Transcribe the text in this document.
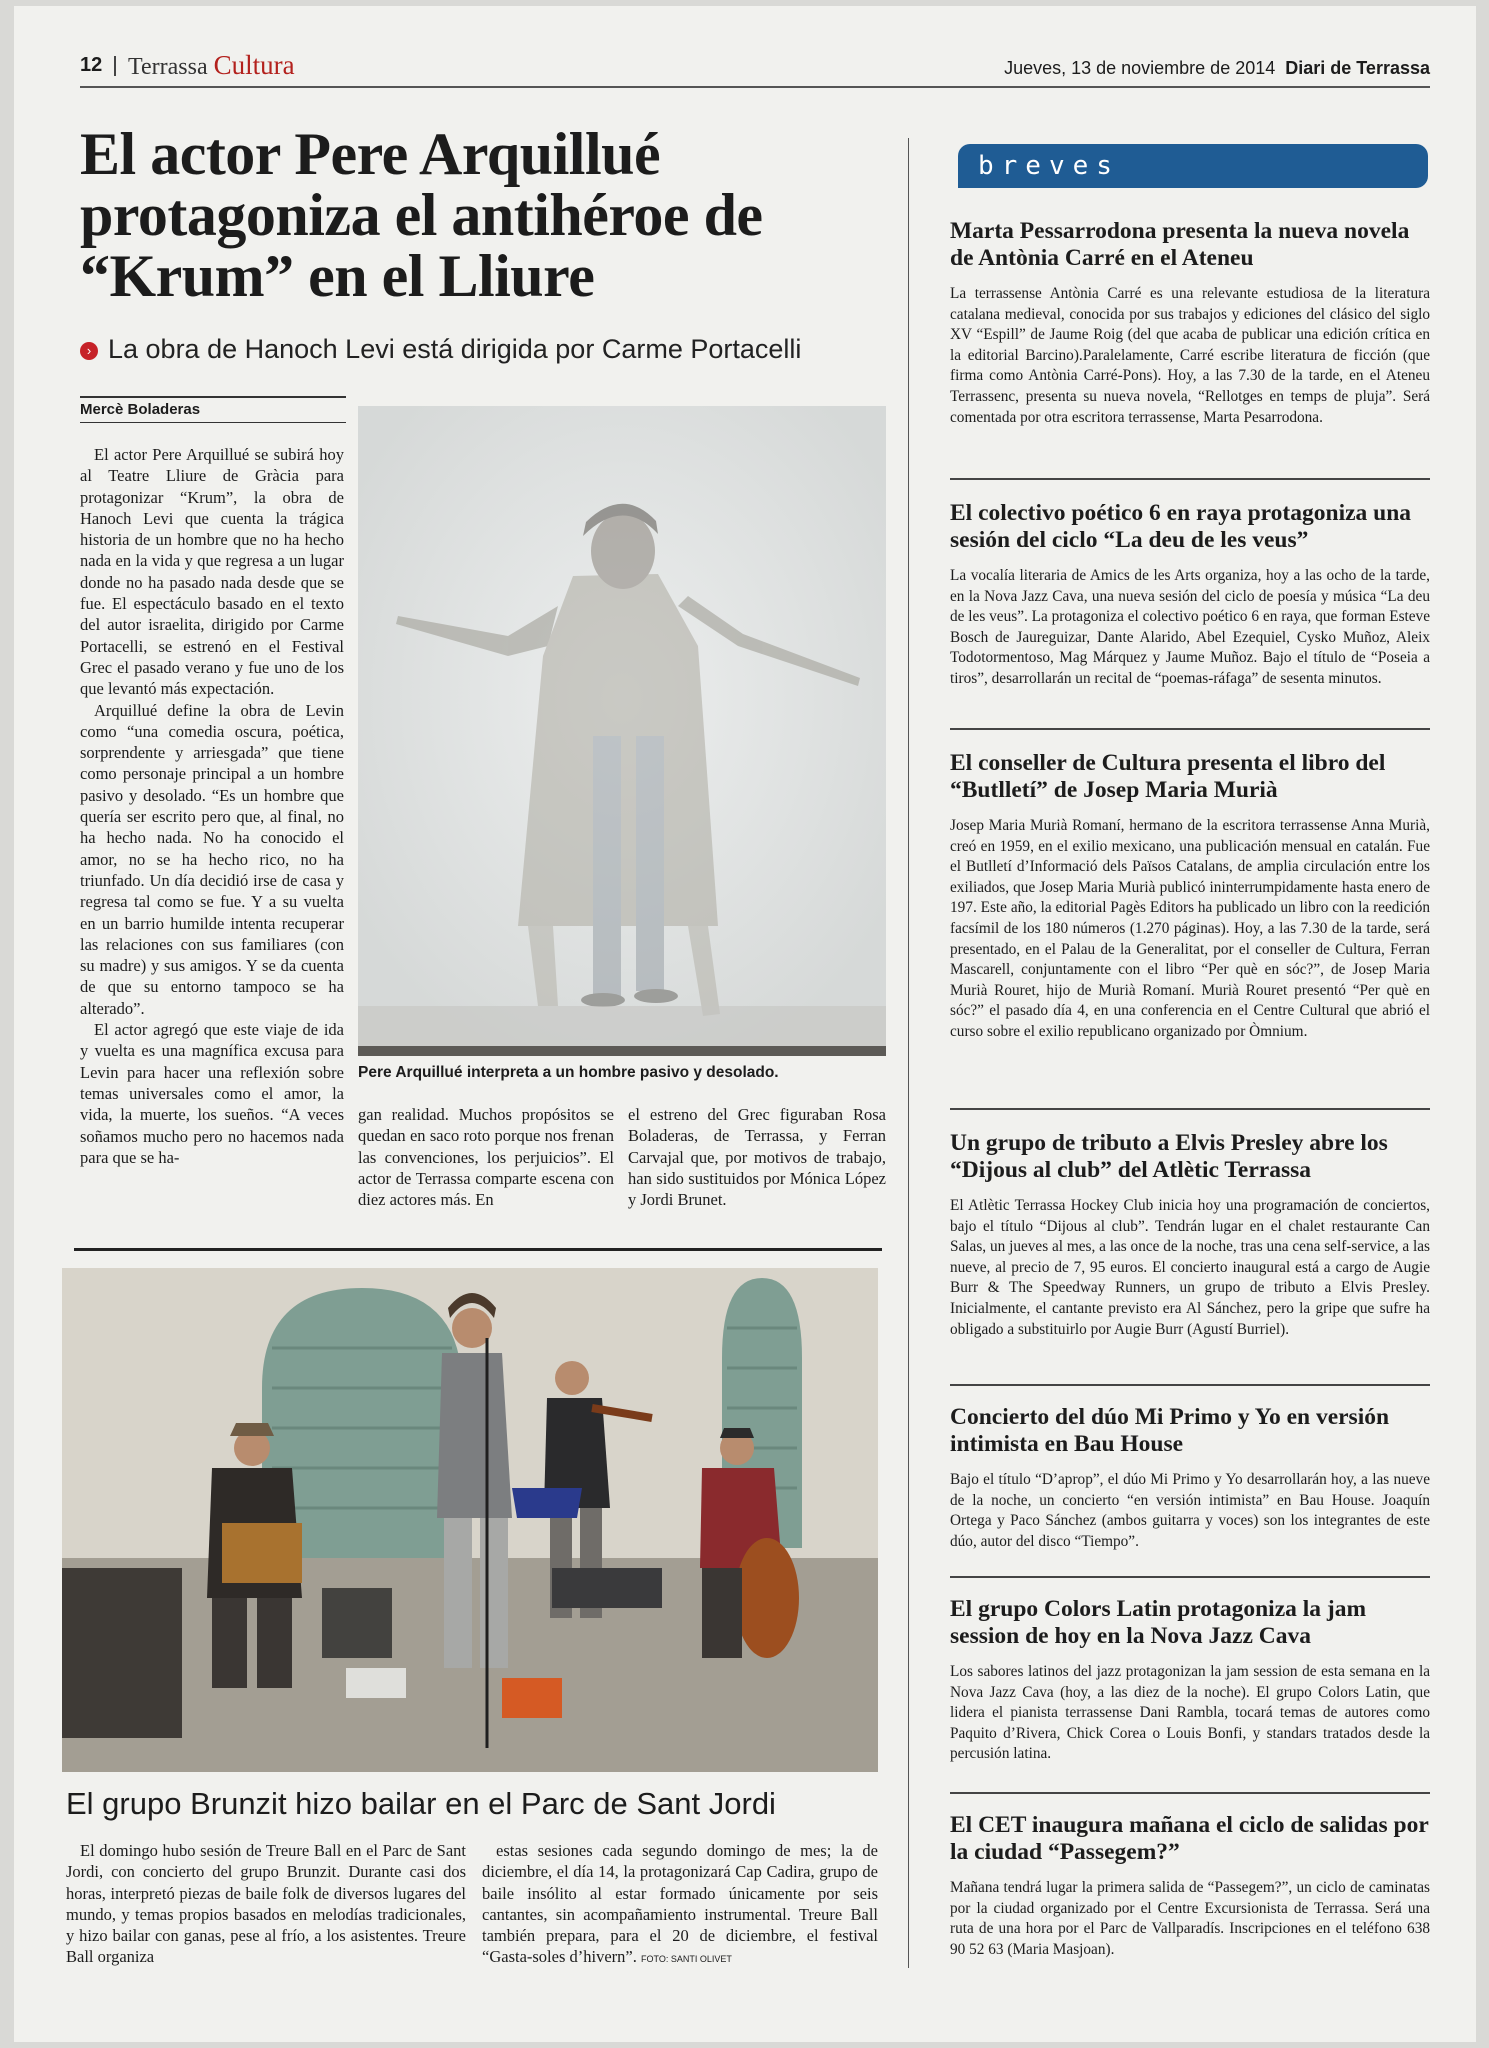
12 Terrassa Cultura	Jueves, 13 de noviembre de 2014 Diari de Terrassa
El actor Pere Arquillué protagoniza el antihéroe de “Krum” en el Lliure
› La obra de Hanoch Levi está dirigida por Carme Portacelli
Mercè Boladeras

El actor Pere Arquillué se subirá hoy al Teatre Lliure de Gràcia para protagonizar “Krum”, la obra de Hanoch Levi que cuenta la trágica historia de un hombre que no ha hecho nada en la vida y que regresa a un lugar donde no ha pasado nada desde que se fue. El espectáculo basado en el texto del autor israelita, dirigido por Carme Portacelli, se estrenó en el Festival Grec el pasado verano y fue uno de los que levantó más expectación.

Arquillué define la obra de Levin como “una comedia oscura, poética, sorprendente y arriesgada” que tiene como personaje principal a un hombre pasivo y desolado. “Es un hombre que quería ser escrito pero que, al final, no ha hecho nada. No ha conocido el amor, no se ha hecho rico, no ha triunfado. Un día decidió irse de casa y regresa tal como se fue. Y a su vuelta en un barrio humilde intenta recuperar las relaciones con sus familiares (con su madre) y sus amigos. Y se da cuenta de que su entorno tampoco se ha alterado”.

El actor agregó que este viaje de ida y vuelta es una magnífica excusa para Levin para hacer una reflexión sobre temas universales como el amor, la vida, la muerte, los sueños. “A veces soñamos mucho pero no hacemos nada para que se ha-

Pere Arquillué interpreta a un hombre pasivo y desolado.

gan realidad. Muchos propósitos se quedan en saco roto porque nos frenan las convenciones, los perjuicios”. El actor de Terrassa comparte escena con diez actores más. En

el estreno del Grec figuraban Rosa Boladeras, de Terrassa, y Ferran Carvajal que, por motivos de trabajo, han sido sustituidos por Mónica López y Jordi Brunet.

El grupo Brunzit hizo bailar en el Parc de Sant Jordi

El domingo hubo sesión de Treure Ball en el Parc de Sant Jordi, con concierto del grupo Brunzit. Durante casi dos horas, interpretó piezas de baile folk de diversos lugares del mundo, y temas propios basados en melodías tradicionales, y hizo bailar con ganas, pese al frío, a los asistentes. Treure Ball organiza

estas sesiones cada segundo domingo de mes; la de diciembre, el día 14, la protagonizará Cap Cadira, grupo de baile insólito al estar formado únicamente por seis cantantes, sin acompañamiento instrumental. Treure Ball también prepara, para el 20 de diciembre, el festival “Gasta-soles d’hivern”. FOTO: SANTI OLIVET

breves
Marta Pessarrodona presenta la nueva novela de Antònia Carré en el Ateneu
La terrassense Antònia Carré es una relevante estudiosa de la literatura catalana medieval, conocida por sus trabajos y ediciones del clásico del siglo XV “Espill” de Jaume Roig (del que acaba de publicar una edición crítica en la editorial Barcino).Paralelamente, Carré escribe literatura de ficción (que firma como Antònia Carré-Pons). Hoy, a las 7.30 de la tarde, en el Ateneu Terrassenc, presenta su nueva novela, “Rellotges en temps de pluja”. Será comentada por otra escritora terrassense, Marta Pesarrodona.
El colectivo poético 6 en raya protagoniza una sesión del ciclo “La deu de les veus”
La vocalía literaria de Amics de les Arts organiza, hoy a las ocho de la tarde, en la Nova Jazz Cava, una nueva sesión del ciclo de poesía y música “La deu de les veus”. La protagoniza el colectivo poético 6 en raya, que forman Esteve Bosch de Jaureguizar, Dante Alarido, Abel Ezequiel, Cysko Muñoz, Aleix Todotormentoso, Mag Márquez y Jaume Muñoz. Bajo el título de “Poseia a tiros”, desarrollarán un recital de “poemas-ráfaga” de sesenta minutos.
El conseller de Cultura presenta el libro del “Butlletí” de Josep Maria Murià
Josep Maria Murià Romaní, hermano de la escritora terrassense Anna Murià, creó en 1959, en el exilio mexicano, una publicación mensual en catalán. Fue el Butlletí d’Informació dels Països Catalans, de amplia circulación entre los exiliados, que Josep Maria Murià publicó ininterrumpidamente hasta enero de 197. Este año, la editorial Pagès Editors ha publicado un libro con la reedición facsímil de los 180 números (1.270 páginas). Hoy, a las 7.30 de la tarde, será presentado, en el Palau de la Generalitat, por el conseller de Cultura, Ferran Mascarell, conjuntamente con el libro “Per què en sóc?”, de Josep Maria Murià Rouret, hijo de Murià Romaní. Murià Rouret presentó “Per què en sóc?” el pasado día 4, en una conferencia en el Centre Cultural que abrió el curso sobre el exilio republicano organizado por Òmnium.
Un grupo de tributo a Elvis Presley abre los “Dijous al club” del Atlètic Terrassa
El Atlètic Terrassa Hockey Club inicia hoy una programación de conciertos, bajo el título “Dijous al club”. Tendrán lugar en el chalet restaurante Can Salas, un jueves al mes, a las once de la noche, tras una cena self-service, a las nueve, al precio de 7, 95 euros. El concierto inaugural está a cargo de Augie Burr & The Speedway Runners, un grupo de tributo a Elvis Presley. Inicialmente, el cantante previsto era Al Sánchez, pero la gripe que sufre ha obligado a substituirlo por Augie Burr (Agustí Burriel).
Concierto del dúo Mi Primo y Yo en versión intimista en Bau House
Bajo el título “D’aprop”, el dúo Mi Primo y Yo desarrollarán hoy, a las nueve de la noche, un concierto “en versión intimista” en Bau House. Joaquín Ortega y Paco Sánchez (ambos guitarra y voces) son los integrantes de este dúo, autor del disco “Tiempo”.
El grupo Colors Latin protagoniza la jam session de hoy en la Nova Jazz Cava
Los sabores latinos del jazz protagonizan la jam session de esta semana en la Nova Jazz Cava (hoy, a las diez de la noche). El grupo Colors Latin, que lidera el pianista terrassense Dani Rambla, tocará temas de autores como Paquito d’Rivera, Chick Corea o Louis Bonfi, y standars tratados desde la percusión latina.
El CET inaugura mañana el ciclo de salidas por la ciudad “Passegem?”
Mañana tendrá lugar la primera salida de “Passegem?”, un ciclo de caminatas por la ciudad organizado por el Centre Excursionista de Terrassa. Será una ruta de una hora por el Parc de Vallparadís. Inscripciones en el teléfono 638 90 52 63 (Maria Masjoan).
